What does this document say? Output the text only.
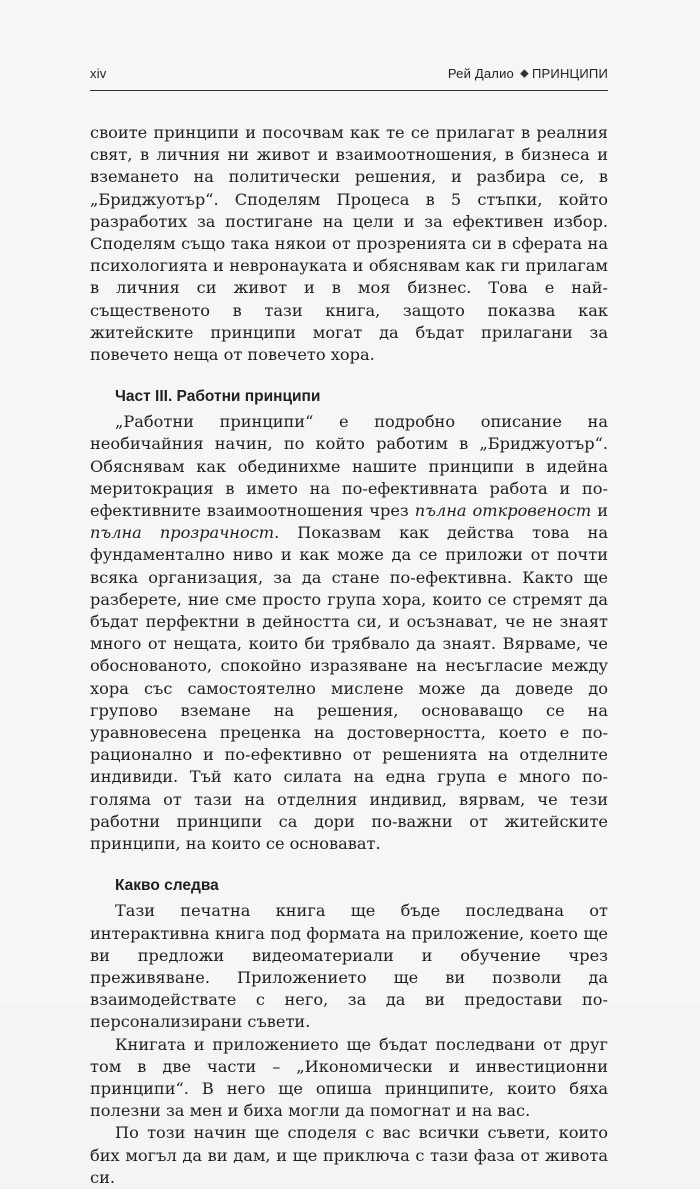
xiv	Рей Далио ПРИНЦИПИ

своите принципи и посочвам как те се прилагат в реалния свят, в личния ни живот и взаимоотношения, в бизнеса и вземането на политически решения, и разбира се, в „Бриджуотър“. Споделям Процеса в 5 стъпки, който разработих за постигане на цели и за ефективен избор. Споделям също така някои от прозренията си в сферата на психологията и невронауката и обяснявам как ги прилагам в личния си живот и в моя бизнес. Това е най-същественото в тази книга, защото показва как житейските принципи могат да бъдат прилагани за повечето неща от повечето хора.

Част III. Работни принципи

„Работни принципи“ е подробно описание на необичайния начин, по който работим в „Бриджуотър“. Обяснявам как обединихме нашите принципи в идейна меритокрация в името на по-ефективната работа и по-ефективните взаимоотношения чрез пълна откровеност и пълна прозрачност. Показвам как действа това на фундаментално ниво и как може да се приложи от почти всяка организация, за да стане по-ефективна. Както ще разберете, ние сме просто група хора, които се стремят да бъдат перфектни в дейността си, и осъзнават, че не знаят много от нещата, които би трябвало да знаят. Вярваме, че обоснованото, спокойно изразяване на несъгласие между хора със самостоятелно мислене може да доведе до групово вземане на решения, основаващо се на уравновесена преценка на достоверността, което е по-рационално и по-ефективно от решенията на отделните индивиди. Тъй като силата на една група е много по-голяма от тази на отделния индивид, вярвам, че тези работни принципи са дори по-важни от житейските принципи, на които се основават.

Какво следва

Тази печатна книга ще бъде последвана от интерактивна книга под формата на приложение, което ще ви предложи видеоматериали и обучение чрез преживяване. Приложението ще ви позволи да взаимодействате с него, за да ви предостави по-персонализирани съвети.

Книгата и приложението ще бъдат последвани от друг том в две части – „Икономически и инвестиционни принципи“. В него ще опиша принципите, които бяха полезни за мен и биха могли да помогнат и на вас.

По този начин ще споделя с вас всички съвети, които бих могъл да ви дам, и ще приключа с тази фаза от живота си.
